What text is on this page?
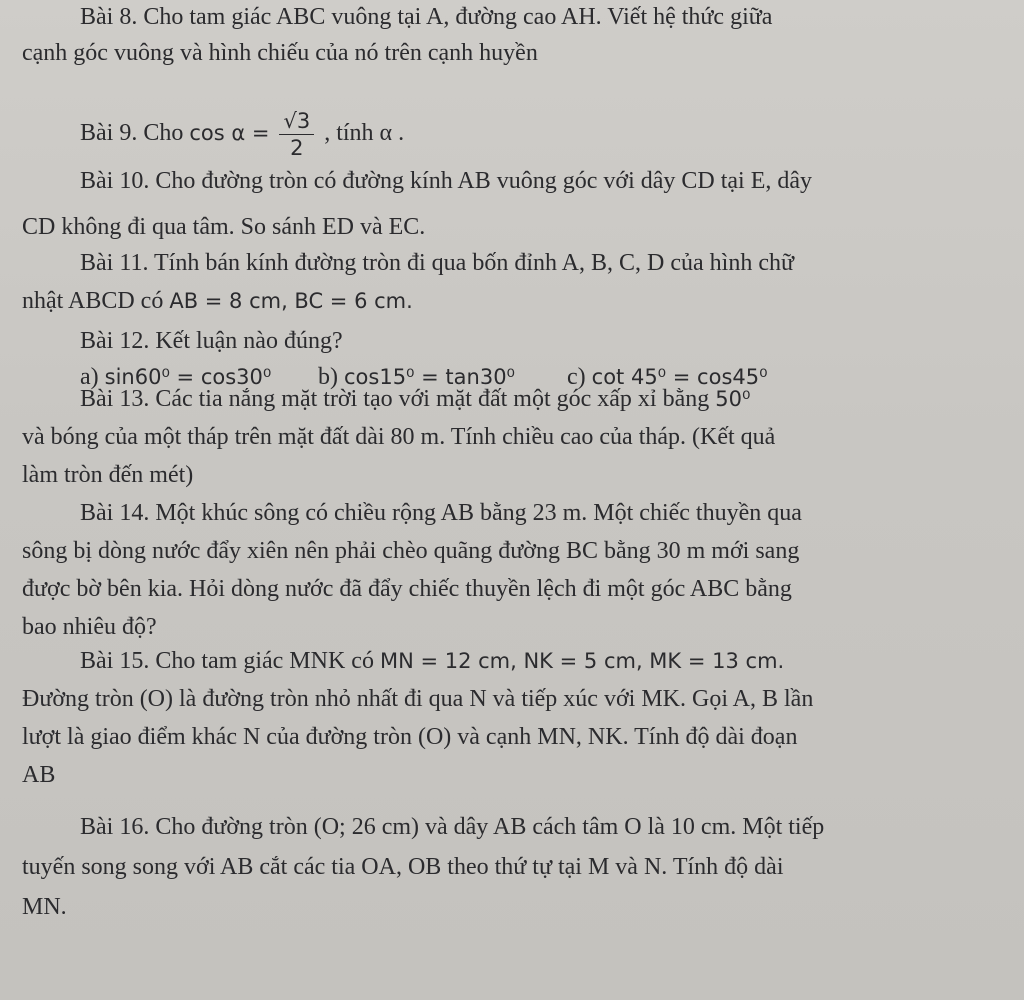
Bài 8. Cho tam giác ABC vuông tại A, đường cao AH. Viết hệ thức giữa
cạnh góc vuông và hình chiếu của nó trên cạnh huyền
Bài 9. Cho $\cos \alpha = \frac{√3}{2}$ , tính α .
Bài 10. Cho đường tròn có đường kính AB vuông góc với dây CD tại E, dây
CD không đi qua tâm. So sánh ED và EC.
Bài 11. Tính bán kính đường tròn đi qua bốn đỉnh A, B, C, D của hình chữ
nhật ABCD có AB = 8 cm, BC = 6 cm.
Bài 12. Kết luận nào đúng?
a) sin60⁰ = cos30⁰ b) cos15⁰ = tan30⁰ c) cot 45⁰ = cos45⁰
Bài 13. Các tia nắng mặt trời tạo với mặt đất một góc xấp xỉ bằng 50⁰
và bóng của một tháp trên mặt đất dài 80 m. Tính chiều cao của tháp. (Kết quả
làm tròn đến mét)
Bài 14. Một khúc sông có chiều rộng AB bằng 23 m. Một chiếc thuyền qua
sông bị dòng nước đẩy xiên nên phải chèo quãng đường BC bằng 30 m mới sang
được bờ bên kia. Hỏi dòng nước đã đẩy chiếc thuyền lệch đi một góc ABC bằng
bao nhiêu độ?
Bài 15. Cho tam giác MNK có MN = 12 cm, NK = 5 cm, MK = 13 cm.
Đường tròn (O) là đường tròn nhỏ nhất đi qua N và tiếp xúc với MK. Gọi A, B lần
lượt là giao điểm khác N của đường tròn (O) và cạnh MN, NK. Tính độ dài đoạn
AB
Bài 16. Cho đường tròn (O; 26 cm) và dây AB cách tâm O là 10 cm. Một tiếp
tuyến song song với AB cắt các tia OA, OB theo thứ tự tại M và N. Tính độ dài
MN.
